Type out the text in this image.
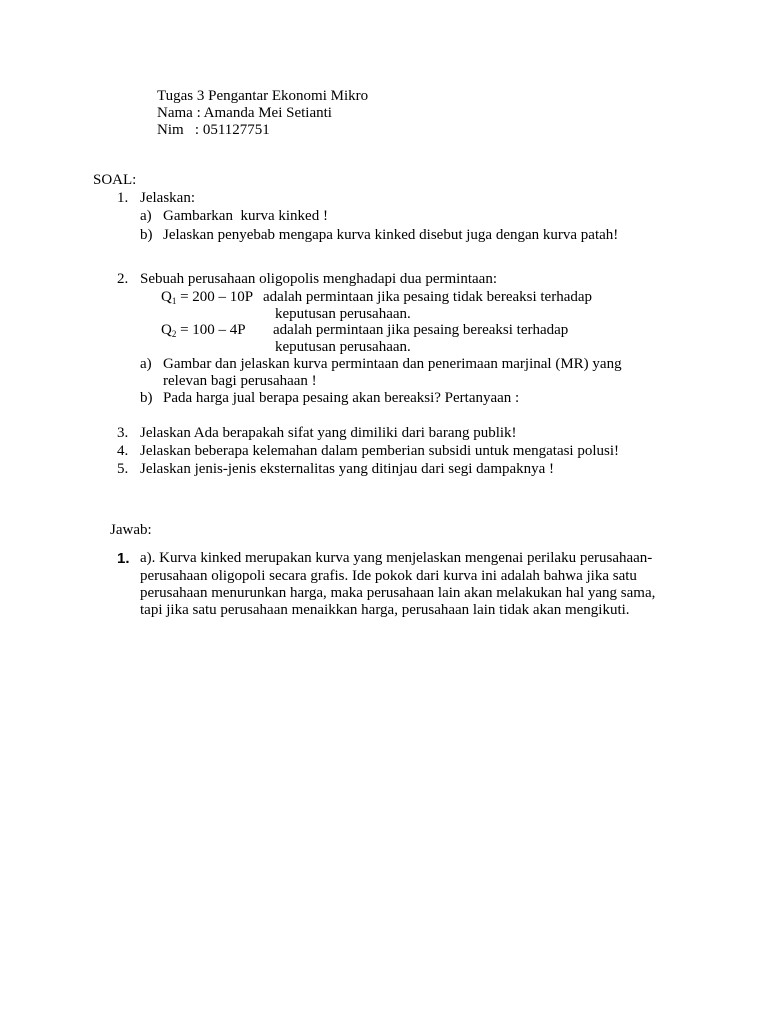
Tugas 3 Pengantar Ekonomi Mikro
Nama : Amanda Mei Setianti
Nim   : 051127751
SOAL:
1. Jelaskan:
a) Gambarkan  kurva kinked !
b) Jelaskan penyebab mengapa kurva kinked disebut juga dengan kurva patah!
2. Sebuah perusahaan oligopolis menghadapi dua permintaan:
$Q_1 = 200 - 10P$ adalah permintaan jika pesaing tidak bereaksi terhadap
keputusan perusahaan.
$Q_2 = 100 - 4P$ adalah permintaan jika pesaing bereaksi terhadap
keputusan perusahaan.
a) Gambar dan jelaskan kurva permintaan dan penerimaan marjinal (MR) yang
relevan bagi perusahaan !
b) Pada harga jual berapa pesaing akan bereaksi? Pertanyaan :
3. Jelaskan Ada berapakah sifat yang dimiliki dari barang publik!
4. Jelaskan beberapa kelemahan dalam pemberian subsidi untuk mengatasi polusi!
5. Jelaskan jenis-jenis eksternalitas yang ditinjau dari segi dampaknya !
Jawab:
1. a). Kurva kinked merupakan kurva yang menjelaskan mengenai perilaku perusahaan-
perusahaan oligopoli secara grafis. Ide pokok dari kurva ini adalah bahwa jika satu
perusahaan menurunkan harga, maka perusahaan lain akan melakukan hal yang sama,
tapi jika satu perusahaan menaikkan harga, perusahaan lain tidak akan mengikuti.
